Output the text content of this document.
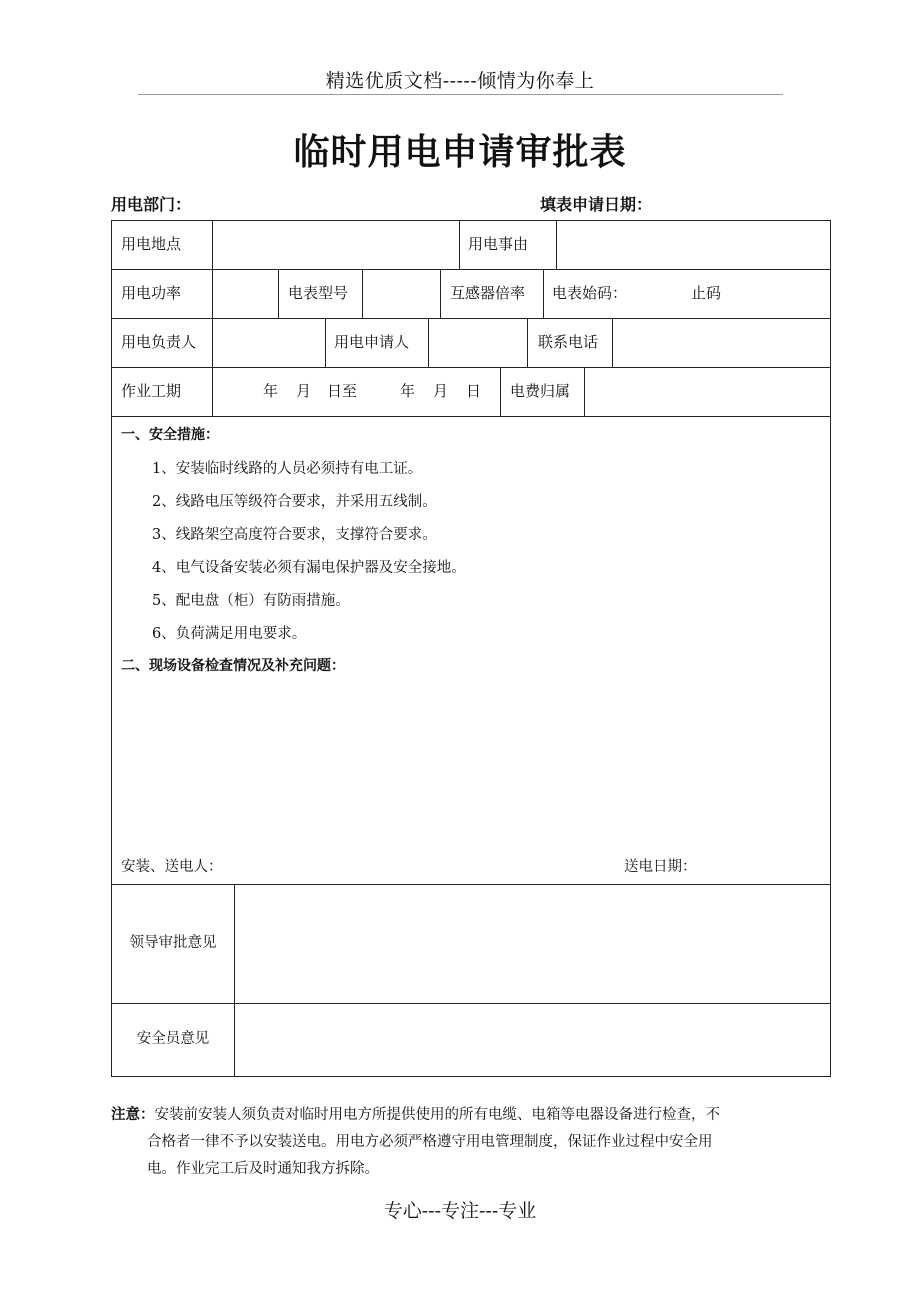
精选优质文档-----倾情为你奉上
临时用电申请审批表
用电部门：	填表申请日期：
用电地点	用电事由
用电功率	电表型号	互感器倍率 电表始码：	止码
用电负责人	用电申请人	联系电话
作业工期	年 月 日至	年 月 日 电费归属
一、安全措施：
1、安装临时线路的人员必须持有电工证。
2、线路电压等级符合要求，并采用五线制。
3、线路架空高度符合要求，支撑符合要求。
4、电气设备安装必须有漏电保护器及安全接地。
5、配电盘（柜）有防雨措施。
6、负荷满足用电要求。
二、现场设备检查情况及补充问题：
安装、送电人：	送电日期：
领导审批意见
安全员意见
注意：安装前安装人须负责对临时用电方所提供使用的所有电缆、电箱等电器设备进行检查，不
合格者一律不予以安装送电。用电方必须严格遵守用电管理制度，保证作业过程中安全用
电。作业完工后及时通知我方拆除。
专心---专注---专业
